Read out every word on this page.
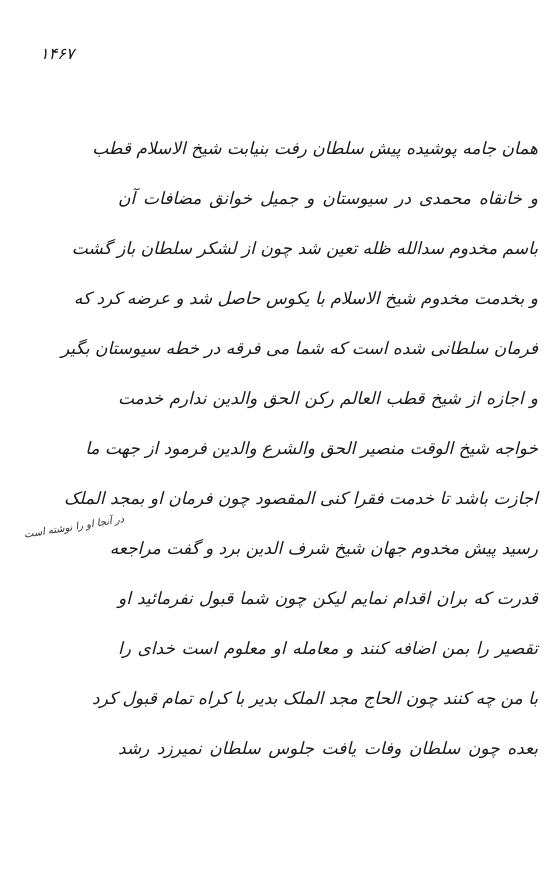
۱۴۶۷
در آنجا او را نوشته است
همان جامه پوشیده پیش سلطان رفت بنیابت شیخ الاسلام قطب
و خانقاه محمدی در سیوستان و جمیل خوانق مضافات آن
باسم مخدوم سدالله ظله تعین شد چون از لشکر سلطان باز گشت
و بخدمت مخدوم شیخ الاسلام با یکوس حاصل شد و عرضه کرد که
فرمان سلطانی شده است که شما می فرقه در خطه سیوستان بگیر
و اجازه از شیخ قطب العالم رکن الحق والدین ندارم خدمت
خواجه شیخ الوقت منصیر الحق والشرع والدین فرمود از جهت ما
اجازت باشد تا خدمت فقرا کنی المقصود چون فرمان او بمجد الملک
رسید پیش مخدوم جهان شیخ شرف الدین برد و گفت مراجعه
قدرت که بران اقدام نمایم لیکن چون شما قبول نفرمائید او
تقصیر را بمن اضافه کنند و معامله او معلوم است خدای را
با من چه کنند چون الحاج مجد الملک بدیر با کراه تمام قبول کرد
بعده چون سلطان وفات یافت جلوس سلطان نمیرزد رشد
